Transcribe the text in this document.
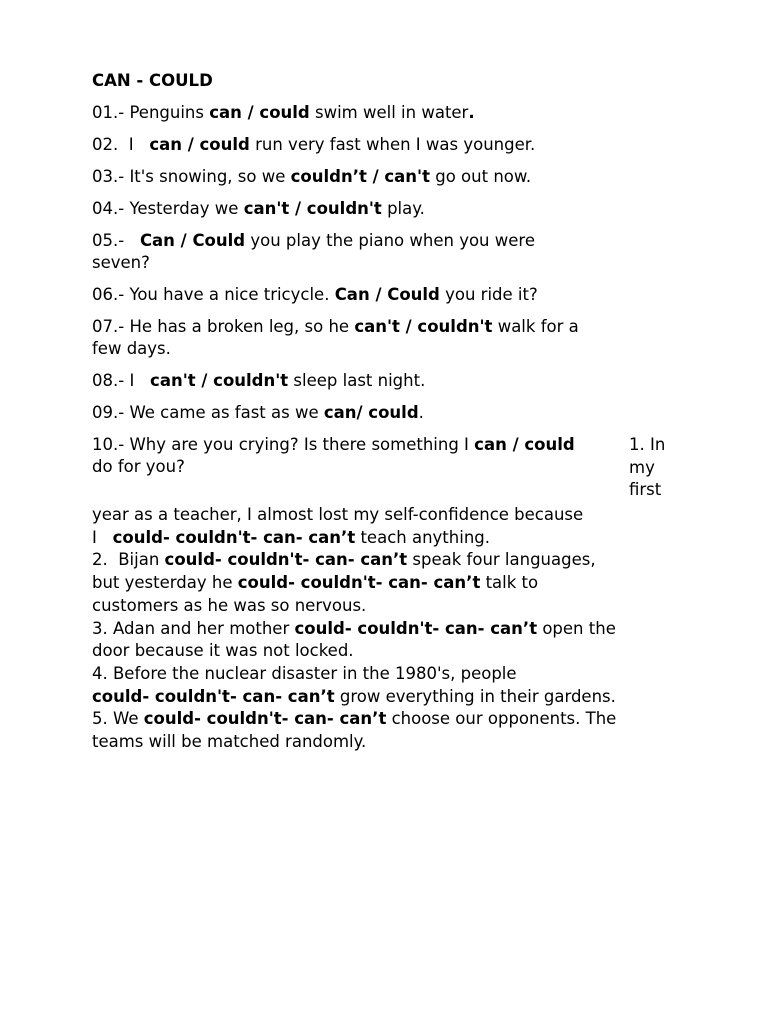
CAN - COULD
01.- Penguins can / could swim well in water.
02.  I   can / could run very fast when I was younger.
03.- It's snowing, so we couldn’t / can't go out now.
04.- Yesterday we can't / couldn't play.
05.-   Can / Could you play the piano when you were seven?
06.- You have a nice tricycle. Can / Could you ride it?
07.- He has a broken leg, so he can't / couldn't walk for a few days.
08.- I   can't / couldn't sleep last night.
09.- We came as fast as we can/ could.
10.- Why are you crying? Is there something I can / could do for you?
1. In
my
first
year as a teacher, I almost lost my self-confidence because
I   could- couldn't- can- can’t teach anything.
2.  Bijan could- couldn't- can- can’t speak four languages,
but yesterday he could- couldn't- can- can’t talk to
customers as he was so nervous.
3. Adan and her mother could- couldn't- can- can’t open the
door because it was not locked.
4. Before the nuclear disaster in the 1980's, people
could- couldn't- can- can’t grow everything in their gardens.
5. We could- couldn't- can- can’t choose our opponents. The
teams will be matched randomly.
